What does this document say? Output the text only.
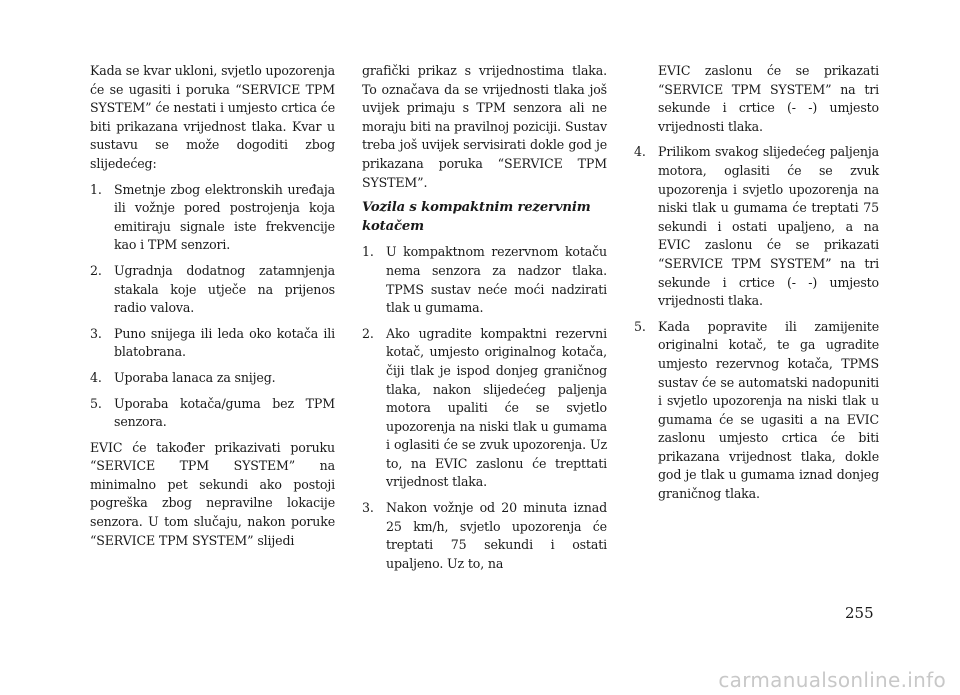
Kada se kvar ukloni, svjetlo upozorenja će se ugasiti i poruka “SERVICE TPM SYSTEM” će nestati i umjesto crtica će biti prikazana vrijednost tlaka. Kvar u sustavu se može dogoditi zbog slijedećeg:

1. Smetnje zbog elektronskih uređaja ili vožnje pored postrojenja koja emitiraju signale iste frekvencije kao i TPM senzori.
2. Ugradnja dodatnog zatamnjenja stakala koje utječe na prijenos radio valova.
3. Puno snijega ili leda oko kotača ili blatobrana.
4. Uporaba lanaca za snijeg.
5. Uporaba kotača/guma bez TPM senzora.

EVIC će također prikazivati poruku “SERVICE TPM SYSTEM” na minimalno pet sekundi ako postoji pogreška zbog nepravilne lokacije senzora. U tom slučaju, nakon poruke “SERVICE TPM SYSTEM” slijedi

grafički prikaz s vrijednostima tlaka. To označava da se vrijednosti tlaka još uvijek primaju s TPM senzora ali ne moraju biti na pravilnoj poziciji. Sustav treba još uvijek servisirati dokle god je prikazana poruka “SERVICE TPM SYSTEM”.

Vozila s kompaktnim rezervnim kotačem
1. U kompaktnom rezervnom kotaču nema senzora za nadzor tlaka. TPMS sustav neće moći nadzirati tlak u gumama.
2. Ako ugradite kompaktni rezervni kotač, umjesto originalnog kotača, čiji tlak je ispod donjeg graničnog tlaka, nakon slijedećeg paljenja motora upaliti će se svjetlo upozorenja na niski tlak u gumama i oglasiti će se zvuk upozorenja. Uz to, na EVIC zaslonu će trepttati vrijednost tlaka.
3. Nakon vožnje od 20 minuta iznad 25 km/h, svjetlo upozorenja će treptati 75 sekundi i ostati upaljeno. Uz to, na
EVIC zaslonu će se prikazati “SERVICE TPM SYSTEM” na tri sekunde i crtice (- -) umjesto vrijednosti tlaka.
4. Prilikom svakog slijedećeg paljenja motora, oglasiti će se zvuk upozorenja i svjetlo upozorenja na niski tlak u gumama će treptati 75 sekundi i ostati upaljeno, a na EVIC zaslonu će se prikazati “SERVICE TPM SYSTEM” na tri sekunde i crtice (- -) umjesto vrijednosti tlaka.
5. Kada popravite ili zamijenite originalni kotač, te ga ugradite umjesto rezervnog kotača, TPMS sustav će se automatski nadopuniti i svjetlo upozorenja na niski tlak u gumama će se ugasiti a na EVIC zaslonu umjesto crtica će biti prikazana vrijednost tlaka, dokle god je tlak u gumama iznad donjeg graničnog tlaka.
255
carmanualsonline.info
